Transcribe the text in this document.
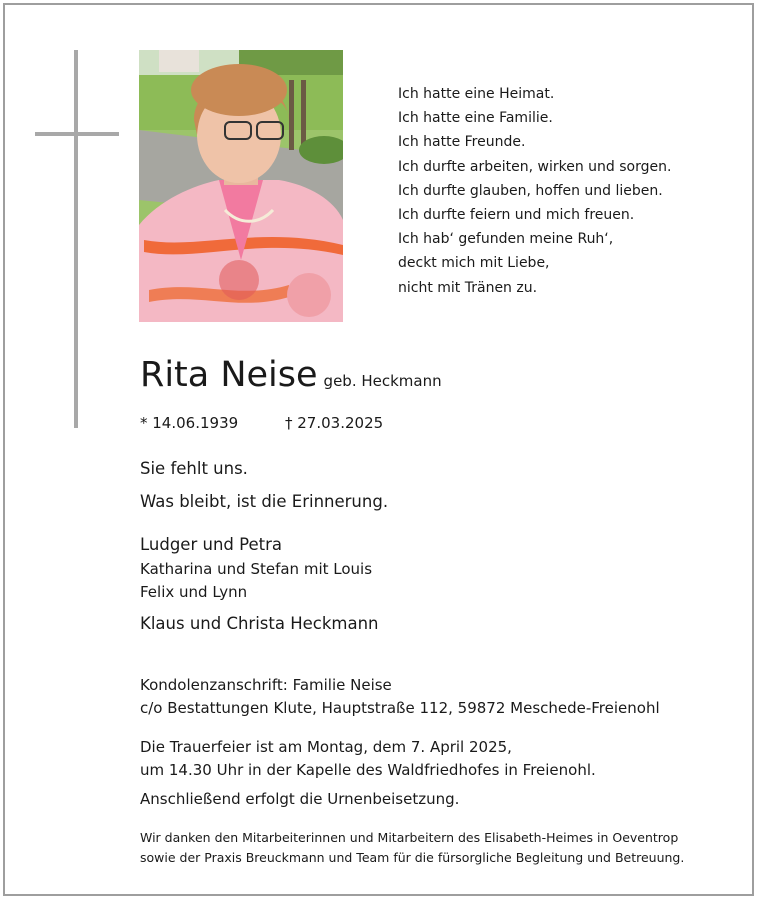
Ich hatte eine Heimat.
Ich hatte eine Familie.
Ich hatte Freunde.
Ich durfte arbeiten, wirken und sorgen.
Ich durfte glauben, hoffen und lieben.
Ich durfte feiern und mich freuen.
Ich hab‘ gefunden meine Ruh‘,
deckt mich mit Liebe,
nicht mit Tränen zu.
Rita Neise geb. Heckmann
* 14.06.1939	† 27.03.2025
Sie fehlt uns.
Was bleibt, ist die Erinnerung.
Ludger und Petra
Katharina und Stefan mit Louis
Felix und Lynn
Klaus und Christa Heckmann
Kondolenzanschrift: Familie Neise
c/o Bestattungen Klute, Hauptstraße 112, 59872 Meschede-Freienohl
Die Trauerfeier ist am Montag, dem 7. April 2025,
um 14.30 Uhr in der Kapelle des Waldfriedhofes in Freienohl.
Anschließend erfolgt die Urnenbeisetzung.
Wir danken den Mitarbeiterinnen und Mitarbeitern des Elisabeth-Heimes in Oeventrop
sowie der Praxis Breuckmann und Team für die fürsorgliche Begleitung und Betreuung.
